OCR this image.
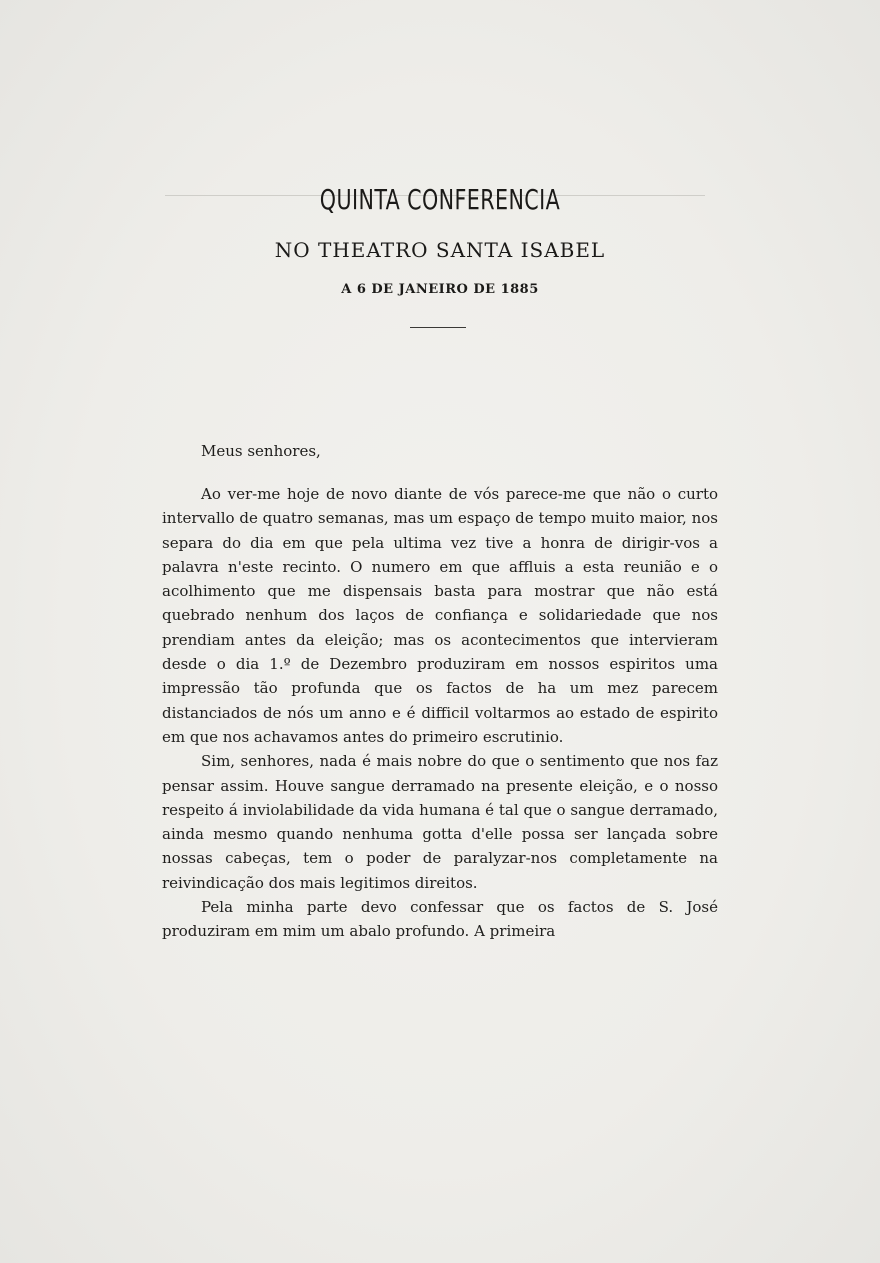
QUINTA CONFERENCIA
NO THEATRO SANTA ISABEL
A 6 DE JANEIRO DE 1885
Meus senhores,

Ao ver-me hoje de novo diante de vós parece-me que não o curto intervallo de quatro semanas, mas um espaço de tempo muito maior, nos separa do dia em que pela ultima vez tive a honra de dirigir-vos a palavra n'este recinto. O numero em que affluis a esta reunião e o acolhimento que me dispensais basta para mostrar que não está quebrado nenhum dos laços de confiança e solidariedade que nos prendiam antes da eleição; mas os acontecimentos que intervieram desde o dia 1.º de Dezembro produziram em nossos espiritos uma impressão tão profunda que os factos de ha um mez parecem distanciados de nós um anno e é difficil voltarmos ao estado de espirito em que nos achavamos antes do primeiro escrutinio.

Sim, senhores, nada é mais nobre do que o sentimento que nos faz pensar assim. Houve sangue derramado na presente eleição, e o nosso respeito á inviolabilidade da vida humana é tal que o sangue derramado, ainda mesmo quando nenhuma gotta d'elle possa ser lançada sobre nossas cabeças, tem o poder de paralyzar-nos completamente na reivindicação dos mais legitimos direitos.

Pela minha parte devo confessar que os factos de S. José produziram em mim um abalo profundo. A primeira
